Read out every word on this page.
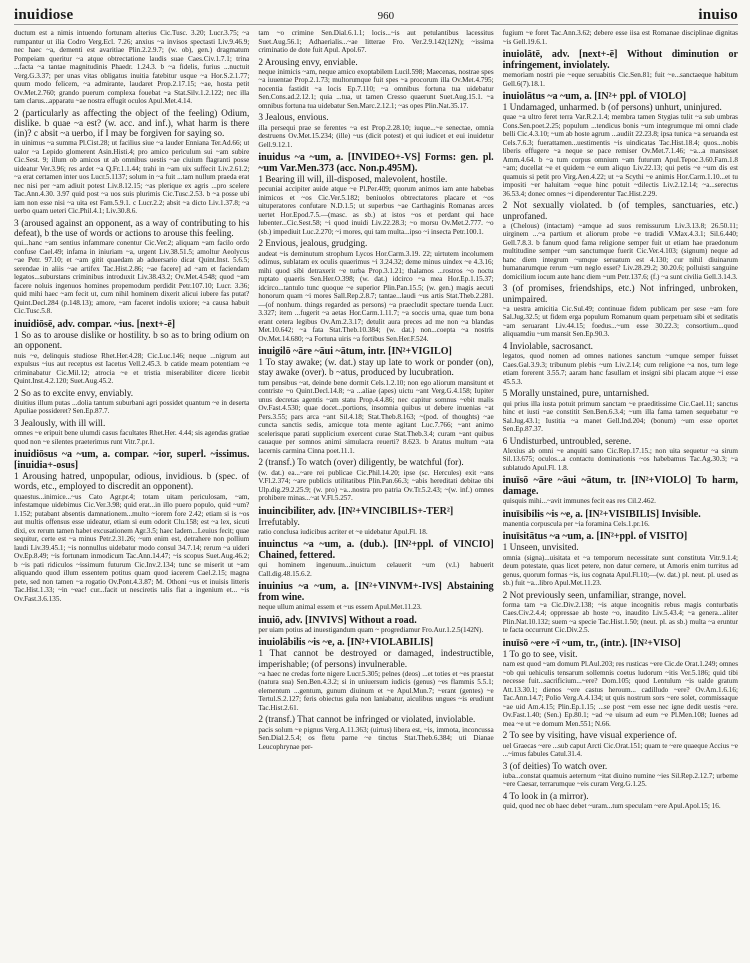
inuidiose	960	inuiso
ductum est a nimis intuendo fortunam alterius Cic.Tusc. 3.20; Lucr.3.75; ~a rumpantur ut ilia Codro Verg.Ecl. 7.26; anxius ~a invisos spectasti Liv.9.46.9; nec haec ~a, dementi est avaritiae Plin.2.2.9.7; (w. ob), gen.) dragmatum Pompeiam queritur ~a atque obtrectatione laudis suae Caes.Civ.1.7.1; trina ...facta ~a tantae magnitudinis Phaedr. 1.24.3. b ~a fidelis, furius ...nuctuit Verg.G.3.37; per unas vitas obligatus inuitia fatebitur usque ~a Hor.S.2.1.77; quum modo felicem, ~a admirante, laudaret Prop.2.17.15; ~ae, hosta petit Ov.Met.2.760; grando puerum complexa fouebat ~a Stat.Silv.1.2.122; nec illa tam clarus...apparatu ~ae nostra effugit oculos Apul.Met.4.14.
2 (particularly as affecting the object of the feeling) Odium, dislike. b quae ~a est? (w. acc. and inf.), what harm is there (in)? c absit ~a uerbo, if I may be forgiven for saying so.
in uinimus ~a summa Pl.Cist.28; ut facilius siue ~a lauder Enniana Ter.Ad.66; ut ualor ~a Lepido glomerent Asin.Histi.4; pro amico periculum sui ~am subire Cic.Sest. 9; illum ob amicos ut ab omnibus uestis ~ae ciuium flagranti posse uideatur Ver.3.96; res ardet ~a Q.Fr.1.1.44; trahi in ~am uix suffecit Liv.2.61.2; ~a erat certamen inter uos Lucr.5.1137; solum in ~a fuit ...tam nullum praeda erat nec nisi per ~am adiuit potest Liv.8.12.15; ~as plerique ex agris ...pro scelere Tac.Ann.4.30. 3.97 quid post ~a uos suis plurimis Cic.Tusc.2.53. b ~a posse ubi iam non esse nisi ~a uita est Fam.5.9.1. c Lucr.2.2; absit ~a dicto Liv.1.37.8; ~a uerbo quam ueteri Cic.Phil.4.1; Liv.30.8.6.
3 (aroused against an opponent, as a way of contributing to his defeat), b the use of words or actions to arouse this feeling.
qui...hanc ~am sentius infammare conentur Cic.Ver.2; aliquam ~am facilo ordo confuse Cael.49; infama in iniuriam ~a, urgent Liv.38.51.5; amoltur Aeolycus ~ae Petr. 97.10; et ~am gitit quaedam ab aduersario dicat Quint.Inst. 5.6.5; serendae in aliis ~ae artifex Tac.Hist.2.86; ~ae facere] ad ~am et faciendam legatos...suburstans criminibus introduxit Liv.38.43.2; Ov.Met.4.548; quod ~am facere noluis ingenuos homines propemodum perdidit Petr.107.10; Lucr. 3.36; quid mihi haec ~am fecit ut, cum nihil hominem dixerit alicui iubere fas putat? Quint.Decl.284 (p.148.13); amore, ~am faceret indolis uxiore; ~a causa habuit Cic.Tusc.5.8.
inuidiōsē, adv. compar. ~ius. [next+-ē]
1 So as to arouse dislike or hostility. b so as to bring odium on an opponent.
nuis ~e, delinquis studiose Rhet.Her.4.28; Cic.Luc.146; neque ...nigrum aut expulsus ~ius aut receptus est Iacetus Vell.2.45.3. b catide meam potentiam ~e criminabatur Cic.Mil.12; atrocia ~e et tristia miserabiliter dicere licebit Quint.Inst.4.2.120; Suet.Aug.45.2.
2 So as to excite envy, enviably.
diuitius illum putas ...dolia tantum suburbani agri possidet quantum ~e in deserta Apuliae possideret? Sen.Ep.87.7.
3 Jealously, with ill will.
omnes ~e eripuit bene ulumdi casus facultates Rhet.Her. 4.44; sis agendas gratiae quod non ~e silentes praeterimus runt Vitr.7.pr.1.
inuidiōsus ~a ~um, a. compar. ~ior, superl. ~issimus. [inuidia+-osus]
1 Arousing hatred, unpopular, odious, invidious. b (spec. of words, etc., employed to discredit an opponent).
quaestus...inimice...~us Cato Agr.pr.4; totam uitam periculosam, ~am, infestamque uidebimus Cic.Ver.3.98; quid erat...in illo puero populo, quid ~um? 1.152; putabant absentis damnationem...multo ~iorem fore 2.42; etiam si is ~os aut multis offensus esse uideatur, etiam si eum odorit Clu.158; est ~a lex, sicuti dixi, ex rerum tamen habet excusationem Agr.3.5; haec ladem...Leuius fecit; quae sequitur, certe est ~a minus Petr.2.31.26; ~um enim est, detrahere non pollium laudi Liv.39.45.1; ~is nonnullus uidebatur modo consul 34.7.14; rerum ~a uideri Ov.Ep.8.49; ~is fortunam inmodicum Tac.Ann.14.47; ~is scopus Suet.Aug.46.2; b ~is pati ridiculos ~issimum futurum Cic.Inv.2.134; tunc se miserit ut ~am aliquando quod illum essentem potitus quam quod iacerem Cael.2.15; magna pete, sed non tamen ~a rogatio Ov.Pont.4.3.87; M. Othoni ~us et inuisis litteris Tac.Hist.1.33; ~in ~eac! cur...facit ut nesciretis talis fiat a ingenium et... ~is Ov.Fast.3.6.135.
tam ~o crimine Sen.Dial.6.1.1; locis...~is aut petulantibus lacessitus Suet.Aug.56.1; Adhaerialis...~ae litterae Fro. Ver.2.9.142(12N); ~issima criminatio de dote fuit Apul. Apol.67.
2 Arousing envy, enviable.
neque inimicis ~am, neque amico exoptabilem Lucil.598; Maecenas, nostrae spes ~a iuuentae Prop.2.1.73; multorumque fuit spes ~a procorum illa Ov.Met.4.795; nocentia fastidit ~a locis Ep.7.110; ~a omnibus fortuna tua uidebatur Sen.Cons.ad.2.12.1; quia ...tua, ut tamen Cresso quaerunt Suet.Aug.15.1. ~a omnibus fortuna tua uidebatur Sen.Marc.2.12.1; ~as opes Plin.Nat.35.17.
3 Jealous, envious.
illa persequi prae se ferentes ~a est Prop.2.28.10; iuque...~e senectae, omnia destruens Ov.Met.15.234; (ille) ~us (dicit potest) et qui iudicet et eui inuidetur Gell.9.12.1.
inuidus ~a ~um, a. [INVIDEO+-VS] Forms: gen. pl. ~um Var.Men.373 (acc. Non.p.495M).
1 Bearing ill will, ill-disposed, malevolent, hostile.
pecuniai accipiter auide atque ~e Pl.Per.409; quorum animos iam ante habebas inimicos et ~os Cic.Ver.5.182; beniuolos obtrectatores placare et ~os uituperatores confutare N.D.1.5; ut superbus ~ae Carthaginis Romanas arces uertet Hor.Epod.7.5.—(masc. as sb.) at istos ~os et perdant qui hace lubenter...Cic.Sest.58; ~i quod inuidi Liv.22.28.3; ~o morsu Ov.Met.2.777. ~o (sb.) impediuit Luc.2.270; ~i mores, qui tam multa...ipso ~i insecta Petr.100.1.
2 Envious, jealous, grudging.
audeat ~is deminutum strophum Lycos Hor.Carm.3.19. 22; uirtutem incolumem odimus, sublatam ex oculis quaerimus ~i 3.24.32; deme minus uindex ~e 4.3.16; mihi quod sibi detraxerit ~e turba Prop.3.1.21; thalamos ...rostros ~o noctu ruptato quaeris Sen.Her.O.398; (w. dat.) idcirco ~a mea Hor.Ep.1.15.37; idcirco...tantulo tunc quoque ~e superior Plin.Pan.15.5; (w. gen.) magis aecuti honorum quam ~i mores Sall.Rep.2.8.7; tantae...laudi ~us artis Stat.Theb.2.281.—(of nonhum. things regarded as persons) ~a praecludit spectare tuenda Lucr. 3.327; item ...fugerit ~a aetas Hor.Carm.1.11.7; ~a soccis urna, quae tum bona erant cetera legibus Ov.Am.2.3.17; detulit aura preces ad me non ~a blandas Met.10.642; ~a fata Stat.Theb.10.384; (w. dat.) non...coepta ~a nostris Ov.Met.14.680; ~a Fortuna uiris ~a fortibus Sen.Her.F.524.
inuigilō ~āre ~āui ~ātum, intr. [IN²+VIGILO]
1 To stay awake; (w. dat.) stay up late to work or ponder (on), stay awake (over). b ~atus, produced by lucubration.
tum pensibus ~at, deinde bene dormit Cels.1.2.10; non ego aliorum mansitunt et contriste ~o Quint.Decl.14.8; ~a ...aliae (apes) uictu ~ant Verg.G.4.158; Iupiter unus decretas agentis ~am statu Prop.4.4.86; nec capitur somnus ~ebit malis Ov.Fast.4.530; quae docet...portions, insomnia quibus ut debere inuenias ~at Pers.3.55; pars arca ~ant Sil.4.18; Stat.Theb.8.163; ~(pod. of thoughts) ~ae cuncta sanctis sedis, amicque tota mente agitant Luc.7.766; ~ant animo scelerisque parati supplicium exercent curae Stat.Theb.3.4; curam ~ant quibus cauaque per somnos animi simulacra reuerti? 8.623. b Aratus multum ~ata lacernis carmina Cinna poet.11.1.
2 (transf.) To watch (over) diligently, be watchful (for).
(w. dat.) ea...~are rei publicae Cic.Phil.14.20; ipse (sc. Hercules) exit ~ans V.Fl.2.374; ~are publicis utilitatibus Plin.Pan.66.3; ~abis hereditati debitae tibi Ulp.dig.29.2.25.9; (w. pro) ~a...nostra pro patria Ov.Tr.5.2.43; ~(w. inf.) omnes prohibere minas...~at V.Fl.5.257.
inuincibiliter, adv. [IN²+VINCIBILIS+-TER²]
Irrefutably.
ratio conclusa iudicibus acriter et ~e uidebatur Apul.Fl. 18.
inuinctus ~a ~um, a. (dub.). [IN²+ppl. of VINCIO] Chained, fettered.
qui hominem ingenuum...inuictum celauerit ~um (v.l.) habuerit Call.dig.48.15.6.2.
inuinius ~a ~um, a. [IN²+VINVM+-IVS] Abstaining from wine.
neque ullum animal essem et ~us essem Apul.Met.11.23.
inuiō, adv. [INVIVS] Without a road.
per uiam potius ad inuestigandum quam ~ progrediamur Fro.Aur.1.2.5(142N).
inuiolābilis ~is ~e, a. [IN²+VIOLABILIS]
1 That cannot be destroyed or damaged, indestructible, imperishable; (of persons) invulnerable.
~a haec ne credas forte nigere Lucr.5.305; pelnes (deos) ...et toties et ~es praestat (natura sua) Sen.Ben.4.3.2; si in uniuersum iudicis (genus) ~es flammis 5.5.1; elementum ...gentum, gunum diuinum et ~e Apul.Mun.7; ~erant (gentes) ~e Tertul.S.2.127; feris obiectus gula non laniabatur, aiculibus ungues ~is erudiunt Tac.Hist.2.61.
2 (transf.) That cannot be infringed or violated, inviolable.
pacis solum ~e pignus Verg.A.11.363; (uirtus) libera est, ~is, immota, inconcussa Sen.Dial.2.5.4; os fletu parne ~e tinctus Stat.Theb.6.384; uti Dianae Leucophrynae per-
fugium ~e foret Tac.Ann.3.62; debere esse iisa est Romanae disciplinae dignitas ~is Gell.19.6.1.
inuiolātē, adv. [next+-ē] Without diminution or infringement, inviolately.
memoriam nostri pie ~eque seruabitis Cic.Sen.81; fuit ~e...sanctaeque habitum Gell.6(7).18.1.
inuiolātus ~a ~um, a. [IN²+ ppl. of VIOLO]
1 Undamaged, unharmed. b (of persons) unhurt, uninjured.
quae ~a ultro feret terra Var.R.2.1.4; membra tamen Stygias tulit ~a sub umbras Cons.Sen.poet.2.25; populum ...tendicus bonis ~um integrumque mi omni clade belli Cic.4.3.10; ~um ab hoste agrum ...audiit 22.23.8; ipsa tunica ~a seruanda est Cels.7.6.3; fuerattamen...uestimentis ~is uindicatas Tac.Hist.18.4; quos...nobis liberis effugere ~a neque se pace remiser Ov.Met.7.1.46; ~a...a mansisset Amm.4.64. b ~a tum corpus omnium ~am futurum Apul.Tepoc.3.60.Fam.1.8 ~am; ducellat ~e et quidem ~e eum aliquo Liv.22.13; qui petis ~e ~um dis est quamuis si petit pro Virg.Aen.4.22; ut ~a Scythi ~e animis Hor.Carm.1.10...et tu impositi ~er haluitam ~eque hinc potuit ~dilectis Liv.2.12.14; ~a...serectus 36.53.4; donec omnes ~i dipenderentur Tac.Hist.2.29.
2 Not sexually violated. b (of temples, sanctuaries, etc.) unprofaned.
a (Chelous) (intactam) ~amque ad suos remissurum Liv.3.13.8; 26.50.11; uirginem ...~a partium et aliorum probe ~e tradidi V.Max.4.3.1; Sil.6.440; Gell.7.8.3. b fanum quod fama religione semper fuit ut etiam hae praedonum multitudine semper ~um sanctumque fuerit Cic.Ver.4.103; (signum) neque ad hanc diem integrum ~umque seruatum est 4.130; cur nihil diuinarum humanarumque rerum ~um neglo esset? Liv.28.29.2; 30.20.6; polluisti sanguine domicilium iocum aute hanc diem ~um Petr.137.6; (f.) ~a sunt civilia Gell.3.14.3.
3 (of promises, friendships, etc.) Not infringed, unbroken, unimpaired.
~a uestra amicitia Cic.Sul.49; continuae fidem publicam per sese ~am fore Sal.Jug.32.5; ut fidem erga populum Romanum quam perpetuam sibi et seditatis ~am seruarant Liv.44.15; foedus...~um esse 30.22.3; consortium...quod aliquamdiu ~um mansit Sen.Ep.90.3.
4 Inviolable, sacrosanct.
legatos, quod nomen ad omnes nationes sanctum ~umque semper fuisset Caes.Gal.3.9.3; tribunum plebis ~um Liv.2.14; cum religione ~a nos, tum lege etiam forerent 3.55.7; aaram hanc fasullam et insigni sibi placam atque ~i esse 45.5.3.
5 Morally unstained, pure, untarnished.
qui prius illa iusta potuit primum sanctam ~e praeditissime Cic.Cael.11; sanctus hinc et iusti ~ae constitit Sen.Ben.6.3.4; ~um illa fama tamen sequebatur ~e Sal.Jug.43.1; Iustitia ~a manet Gell.Ind.204; (bonum) ~um esse oportet Sen.Ep.87.37.
6 Undisturbed, untroubled, serene.
Alexius ab omni ~e anquiti sano Cic.Rep.17.15.; non uita sequetur ~a sirum Sil.13.675; oculos...a contactu dominationis ~os habebamus Tac.Ag.30.3; ~a sublatudo Apul.Fl. 1.8.
inuīsō ~āre ~āui ~ātum, tr. [IN²+VIOLO] To harm, damage.
quisquis mihi...~avit immunes fecit eas res Cil.2.462.
inuīsibilis ~is ~e, a. [IN²+VISIBILIS] Invisible.
manentia corpuscula per ~ia foramina Cels.1.pr.16.
inuīsitātus ~a ~um, a. [IN²+ppl. of VISITO]
1 Unseen, unvisited.
omnia (signa)...uisitata et ~a temporum necessitate sunt constituta Vitr.9.1.4; deum potestate, quas licet petere, non datur cernere, ut Amoris enim turritus ad genus, quorum formas ~is, ius cognata Apul.Fl.10;—(w. dat.) pl. neut. pl. used as sb.) fuit ~a...libro Apul.Met.11.23.
2 Not previously seen, unfamiliar, strange, novel.
forma tam ~a Cic.Div.2.138; ~is atque incognitis rebus magis conturbatis Caes.Civ.2.4.4; oppressae ab hoste ~o, inaudito Liv.5.43.4; ~a genera...aliter Plin.Nat.10.132; suem ~a specie Tac.Hist.1.50; (neut. pl. as sb.) multa ~a eruntur te facta occurrunt Cic.Div.2.5.
inuīsō ~ere ~ī ~um, tr., (intr.). [IN²+VISO]
1 To go to see, visit.
nam est quod ~am domum Pl.Aul.203; res rusticas ~ere Cic.de Orat.1.249; omnes ~ob qui uehiculis tensarum sollemnis coetus ludorum ~itis Ver.5.186; quid tibi necesse fuit...sacrificium...~ere? Dom.105; quod Lentulum ~is ualde gratum Att.13.30.1; dienos ~ere castus heroum... cadilludo ~ere? Ov.Am.1.6.16; Tac.Ann.14.7; Polio Verg.A.4.134; ut quis nostrum sors ~ere solet, commissaque ~ae uid Am.4.15; Plin.Ep.1.15; ...se post ~em esse nec igne dedit uestis ~ere. Ov.Fast.1.40; (Sen.) Ep.80.1; ~ad ~e uisum ad eum ~e Pl.Men.108; Iuenes ad mea ~e ut ~e domum Men.551; N.66.
2 To see by visiting, have visual experience of.
uel Graecas ~ere ...sub caput Arcti Cic.Orat.151; quam te ~ere quaeque Accius ~e ...~imus fabules Catul.31.4.
3 (of deities) To watch over.
iuba...constat quamuis aeternum ~itat diuino numine ~ies Sil.Rep.2.12.7; urbeme ~ere Caesar, terrarumque ~eis curam Verg.G.1.25.
4 To look in (a mirror).
quid, quod nec ob haec debet ~uram...tum speculam ~ere Apul.Apol.15; 16.
